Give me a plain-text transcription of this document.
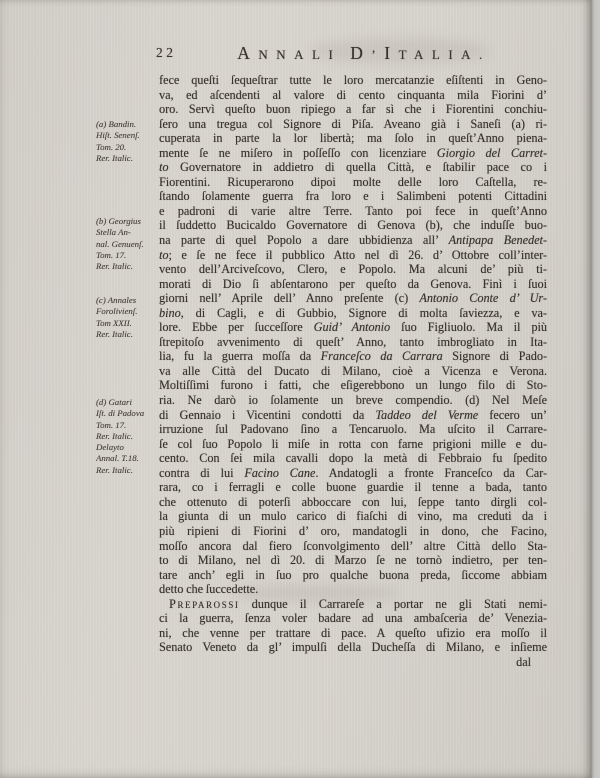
22	ANNALI D’ITALIA.
(a) Bandin.
Hiſt. Senenſ.
Tom. 20.
Rer. Italic.
(b) Georgius
Stella An-
nal. Genuenſ.
Tom. 17.
Rer. Italic.
(c) Annales
Forolivienſ.
Tom XXII.
Rer. Italic.
(d) Gatari
Iſt. di Padova
Tom. 17.
Rer. Italic.
Delayto
Annal. T.18.
Rer. Italic.
fece queſti ſequeſtrar tutte le loro mercatanzie eſiſtenti in Geno-
va, ed aſcendenti al valore di cento cinquanta mila Fiorini d’
oro. Servì queſto buon ripiego a far sì che i Fiorentini conchiu-
ſero una tregua col Signore di Piſa. Aveano già i Saneſi (a) ri-
cuperata in parte la lor libertà; ma ſolo in queſt’Anno piena-
mente ſe ne miſero in poſſeſſo con licenziare Giorgio del Carret-
to Governatore in addietro di quella Città, e ſtabilir pace co i
Fiorentini. Ricuperarono dipoi molte delle loro Caſtella, re-
ſtando ſolamente guerra fra loro e i Salimbeni potenti Cittadini
e padroni di varie altre Terre. Tanto poi fece in queſt’Anno
il ſuddetto Bucicaldo Governatore di Genova (b), che induſſe buo-
na parte di quel Popolo a dare ubbidienza all’ Antipapa Benedet-
to; e ſe ne fece il pubblico Atto nel dì 26. d’ Ottobre coll’inter-
vento dell’Arciveſcovo, Clero, e Popolo. Ma alcuni de’ più ti-
morati di Dio ſi abſentarono per queſto da Genova. Finì i ſuoi
giorni nell’ Aprile dell’ Anno preſente (c) Antonio Conte d’ Ur-
bino, di Cagli, e di Gubbio, Signore di molta ſaviezza, e va-
lore. Ebbe per ſucceſſore Guid’ Antonio ſuo Figliuolo. Ma il più
ſtrepitoſo avvenimento di queſt’ Anno, tanto imbrogliato in Ita-
lia, fu la guerra moſſa da Franceſco da Carrara Signore di Pado-
va alle Città del Ducato di Milano, cioè a Vicenza e Verona.
Moltiſſimi furono i fatti, che eſigerebbono un lungo filo di Sto-
ria. Ne darò io ſolamente un breve compendio. (d) Nel Meſe
di Gennaio i Vicentini condotti da Taddeo del Verme fecero un’
irruzione ſul Padovano ſino a Tencaruolo. Ma uſcito il Carrare-
ſe col ſuo Popolo li miſe in rotta con farne prigioni mille e du-
cento. Con ſei mila cavalli dopo la metà di Febbraio fu ſpedito
contra di lui Facino Cane. Andatogli a fronte Franceſco da Car-
rara, co i ferragli e colle buone guardie il tenne a bada, tanto
che ottenuto di poterſi abboccare con lui, ſeppe tanto dirgli col-
la giunta di un mulo carico di fiaſchi di vino, ma creduti da i
più ripieni di Fiorini d’ oro, mandatogli in dono, che Facino,
moſſo ancora dal fiero ſconvolgimento dell’ altre Città dello Sta-
to di Milano, nel dì 20. di Marzo ſe ne tornò indietro, per ten-
tare anch’ egli in ſuo pro qualche buona preda, ſiccome abbiam
detto che ſuccedette.
Preparossi dunque il Carrareſe a portar ne gli Stati nemi-
ci la guerra, ſenza voler badare ad una ambaſceria de’ Venezia-
ni, che venne per trattare di pace. A queſto ufizio era moſſo il
Senato Veneto da gl’ impulſi della Ducheſſa di Milano, e inſieme
dal
